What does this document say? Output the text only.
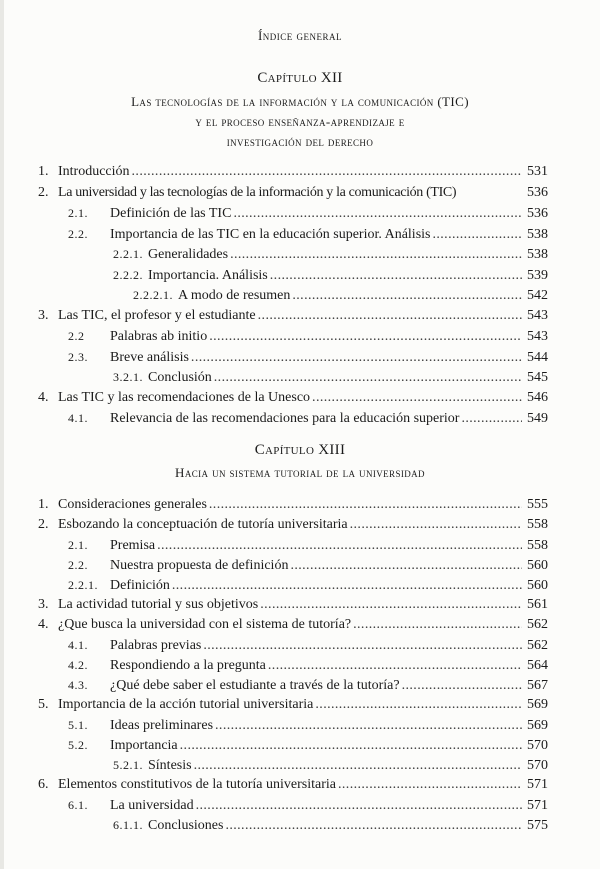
Índice general
Capítulo XII
Las tecnologías de la información y la comunicación (TIC)
y el proceso enseñanza-aprendizaje e
investigación del derecho
1. Introducción .....	531
2. La universidad y las tecnologías de la información y la comunicación (TIC)	536
2.1.	Definición de las TIC .....	536
2.2.	Importancia de las TIC en la educación superior. Análisis .....	538
2.2.1. Generalidades .....	538
2.2.2. Importancia. Análisis .....	539
2.2.2.1. A modo de resumen .....	542
3. Las TIC, el profesor y el estudiante .....	543
2.2	Palabras ab initio .....	543
2.3.	Breve análisis .....	544
3.2.1. Conclusión .....	545
4. Las TIC y las recomendaciones de la Unesco .....	546
4.1.	Relevancia de las recomendaciones para la educación superior .....	549
Capítulo XIII
Hacia un sistema tutorial de la universidad
1. Consideraciones generales .....	555
2. Esbozando la conceptuación de tutoría universitaria .....	558
2.1.	Premisa .....	558
2.2.	Nuestra propuesta de definición .....	560
2.2.1. Definición .....	560
3. La actividad tutorial y sus objetivos .....	561
4. ¿Que busca la universidad con el sistema de tutoría? .....	562
4.1.	Palabras previas .....	562
4.2.	Respondiendo a la pregunta .....	564
4.3.	¿Qué debe saber el estudiante a través de la tutoría? .....	567
5. Importancia de la acción tutorial universitaria .....	569
5.1.	Ideas preliminares .....	569
5.2.	Importancia .....	570
5.2.1. Síntesis .....	570
6. Elementos constitutivos de la tutoría universitaria .....	571
6.1.	La universidad .....	571
6.1.1. Conclusiones .....	575
